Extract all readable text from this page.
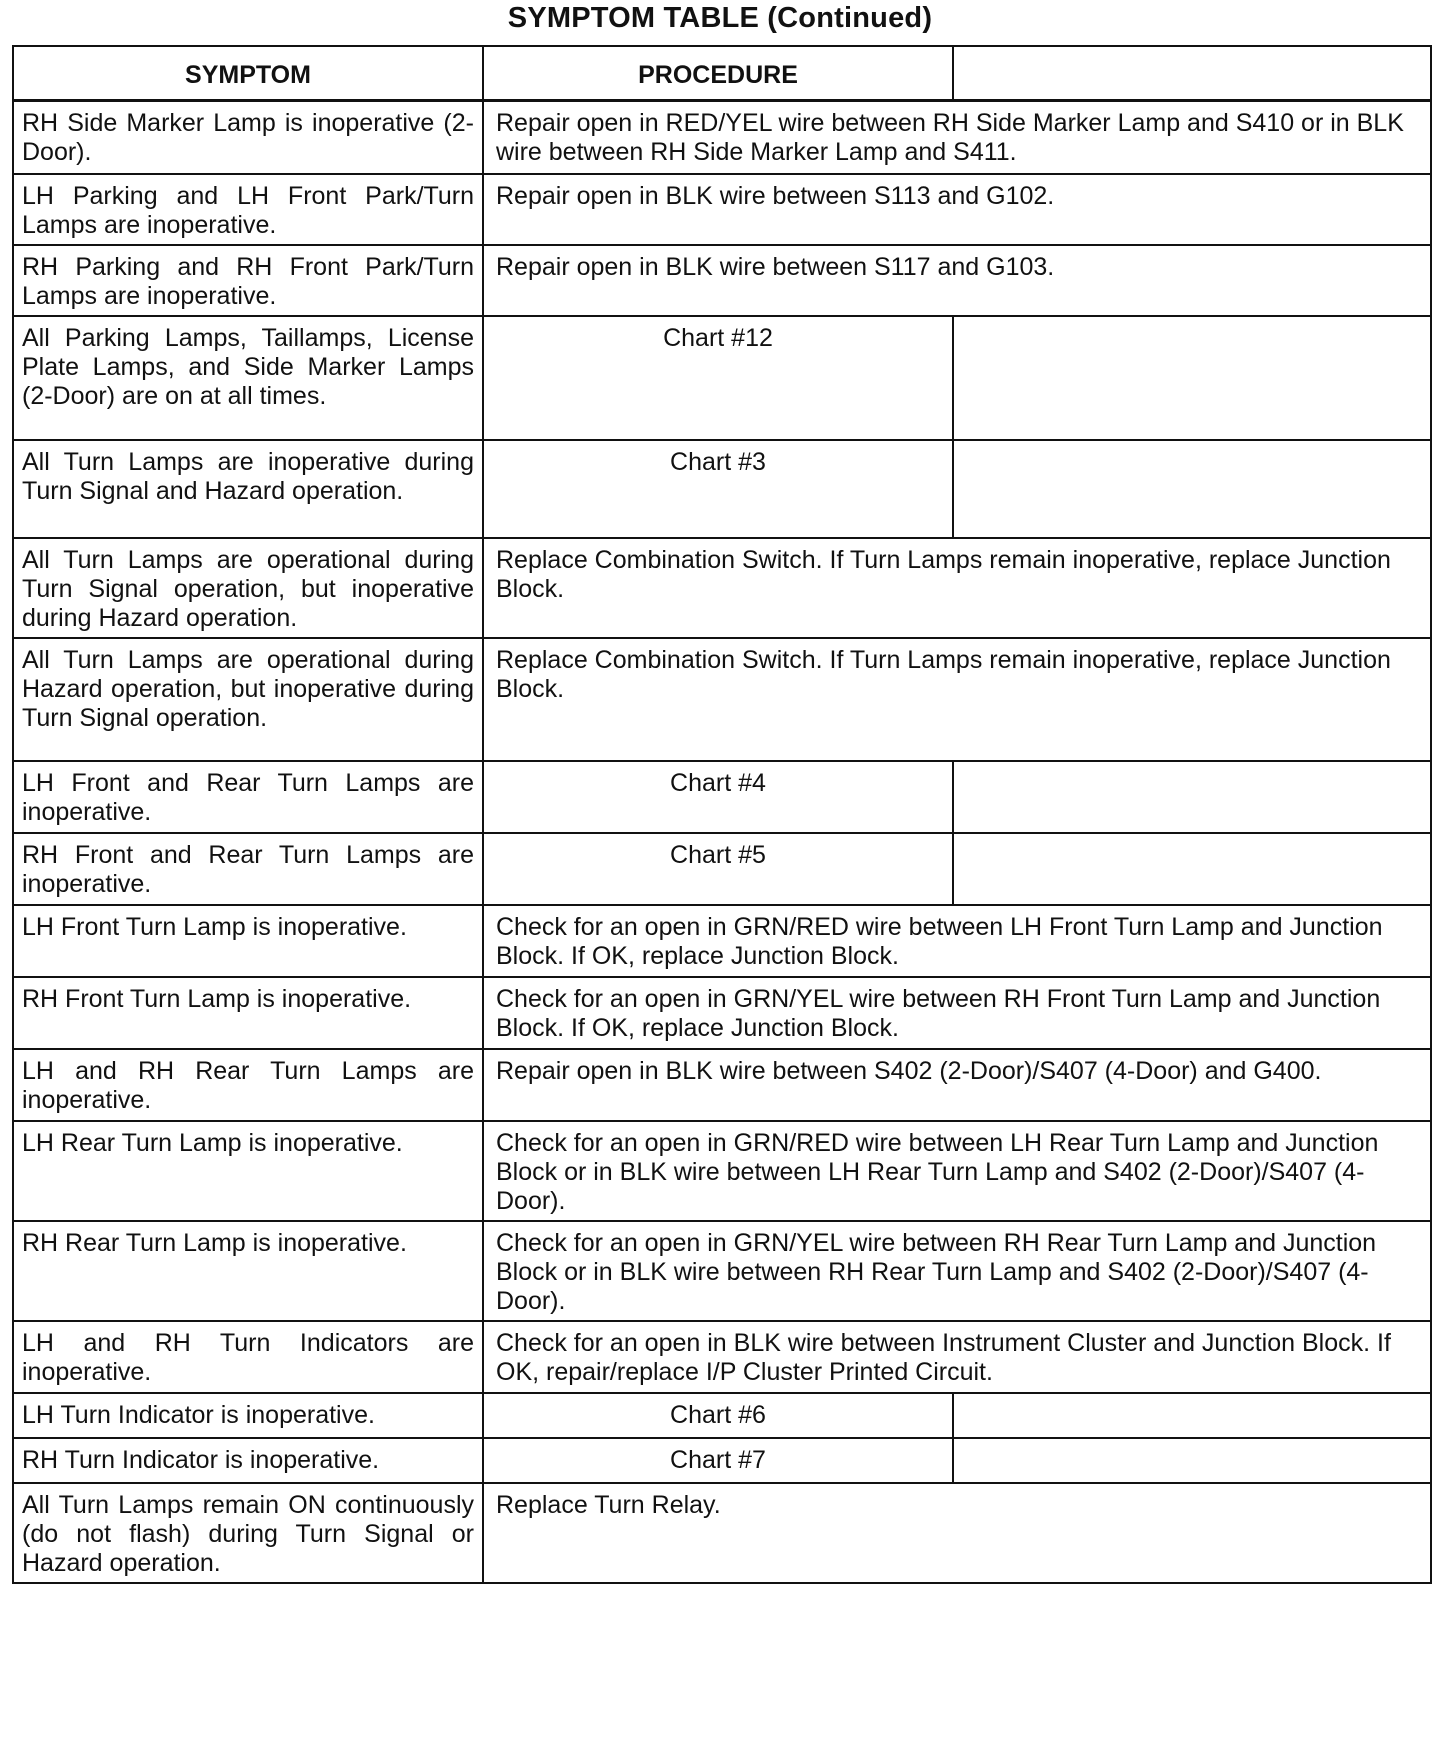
SYMPTOM TABLE (Continued)
SYMPTOM	PROCEDURE	
RH Side Marker Lamp is inoperative (2-Door).	Repair open in RED/YEL wire between RH Side Marker Lamp and S410 or in BLK wire between RH Side Marker Lamp and S411.	
LH Parking and LH Front Park/Turn Lamps are inoperative.	Repair open in BLK wire between S113 and G102.	
RH Parking and RH Front Park/Turn Lamps are inoperative.	Repair open in BLK wire between S117 and G103.	
All Parking Lamps, Taillamps, License Plate Lamps, and Side Marker Lamps (2-Door) are on at all times.	Chart #12	
All Turn Lamps are inoperative during Turn Signal and Hazard operation.	Chart #3	
All Turn Lamps are operational during Turn Signal operation, but inoperative during Hazard operation.	Replace Combination Switch. If Turn Lamps remain inoperative, replace Junction Block.	
All Turn Lamps are operational during Hazard operation, but inoperative during Turn Signal operation.	Replace Combination Switch. If Turn Lamps remain inoperative, replace Junction Block.	
LH Front and Rear Turn Lamps are inoperative.	Chart #4	
RH Front and Rear Turn Lamps are inoperative.	Chart #5	
LH Front Turn Lamp is inoperative.	Check for an open in GRN/RED wire between LH Front Turn Lamp and Junction Block. If OK, replace Junction Block.	
RH Front Turn Lamp is inoperative.	Check for an open in GRN/YEL wire between RH Front Turn Lamp and Junction Block. If OK, replace Junction Block.	
LH and RH Rear Turn Lamps are inoperative.	Repair open in BLK wire between S402 (2-Door)/S407 (4-Door) and G400.	
LH Rear Turn Lamp is inoperative.	Check for an open in GRN/RED wire between LH Rear Turn Lamp and Junction Block or in BLK wire between LH Rear Turn Lamp and S402 (2-Door)/S407 (4-Door).	
RH Rear Turn Lamp is inoperative.	Check for an open in GRN/YEL wire between RH Rear Turn Lamp and Junction Block or in BLK wire between RH Rear Turn Lamp and S402 (2-Door)/S407 (4-Door).	
LH and RH Turn Indicators are inoperative.	Check for an open in BLK wire between Instrument Cluster and Junction Block. If OK, repair/replace I/P Cluster Printed Circuit.	
LH Turn Indicator is inoperative.	Chart #6	
RH Turn Indicator is inoperative.	Chart #7	
All Turn Lamps remain ON continuously (do not flash) during Turn Signal or Hazard operation.	Replace Turn Relay.	
